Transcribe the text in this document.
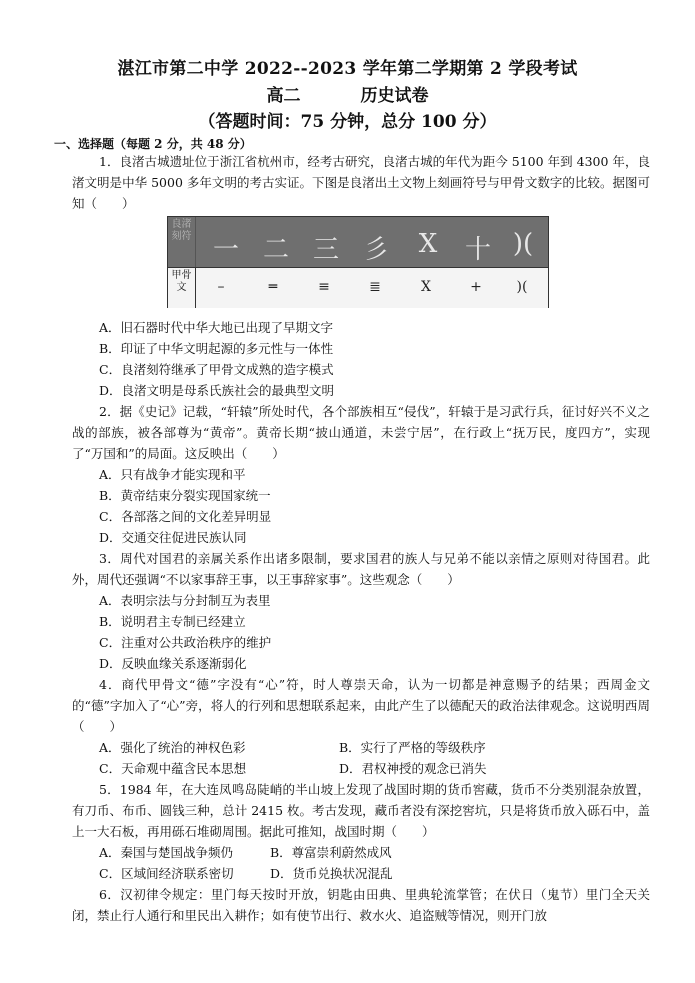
湛江市第二中学 2022--2023 学年第二学期第 2 学段考试
高二	历史试卷
（答题时间：75 分钟，总分 100 分）
一、选择题（每题 2 分，共 48 分）
1．良渚古城遗址位于浙江省杭州市，经考古研究，良渚古城的年代为距今 5100 年到 4300 年，良渚文明是中华 5000 多年文明的考古实证。下图是良渚出土文物上刻画符号与甲骨文数字的比较。据图可知（　　）
良渚刻符 一 二 三 彡	X	十 )(
甲骨文	–	═	≡	≣	X	+	)(
A．旧石器时代中华大地已出现了早期文字
B．印证了中华文明起源的多元性与一体性
C．良渚刻符继承了甲骨文成熟的造字模式
D．良渚文明是母系氏族社会的最典型文明
2．据《史记》记载，“轩辕”所处时代，各个部族相互“侵伐”，轩辕于是习武行兵，征讨好兴不义之战的部族，被各部尊为“黄帝”。黄帝长期“披山通道，未尝宁居”，在行政上“抚万民，度四方”，实现了“万国和”的局面。这反映出（　　）
A．只有战争才能实现和平
B．黄帝结束分裂实现国家统一
C．各部落之间的文化差异明显
D．交通交往促进民族认同
3．周代对国君的亲属关系作出诸多限制，要求国君的族人与兄弟不能以亲情之原则对待国君。此外，周代还强调“不以家事辞王事，以王事辞家事”。这些观念（　　）
A．表明宗法与分封制互为表里
B．说明君主专制已经建立
C．注重对公共政治秩序的维护
D．反映血缘关系逐渐弱化
4．商代甲骨文“德”字没有“心”符，时人尊崇天命，认为一切都是神意赐予的结果；西周金文的“德”字加入了“心”旁，将人的行列和思想联系起来，由此产生了以德配天的政治法律观念。这说明西周（　　）
A．强化了统治的神权色彩	B．实行了严格的等级秩序
C．天命观中蕴含民本思想	D．君权神授的观念已消失
5．1984 年，在大连凤鸣岛陡峭的半山坡上发现了战国时期的货币窖藏，货币不分类别混杂放置，有刀币、布币、圆钱三种，总计 2415 枚。考古发现，藏币者没有深挖窖坑，只是将货币放入砾石中，盖上一大石板，再用砾石堆砌周围。据此可推知，战国时期（　　）
A．秦国与楚国战争频仍	B．尊富崇利蔚然成风
C．区域间经济联系密切	D．货币兑换状况混乱
6．汉初律令规定：里门每天按时开放，钥匙由田典、里典轮流掌管；在伏日（鬼节）里门全天关闭，禁止行人通行和里民出入耕作；如有使节出行、救水火、追盗贼等情况，则开门放
